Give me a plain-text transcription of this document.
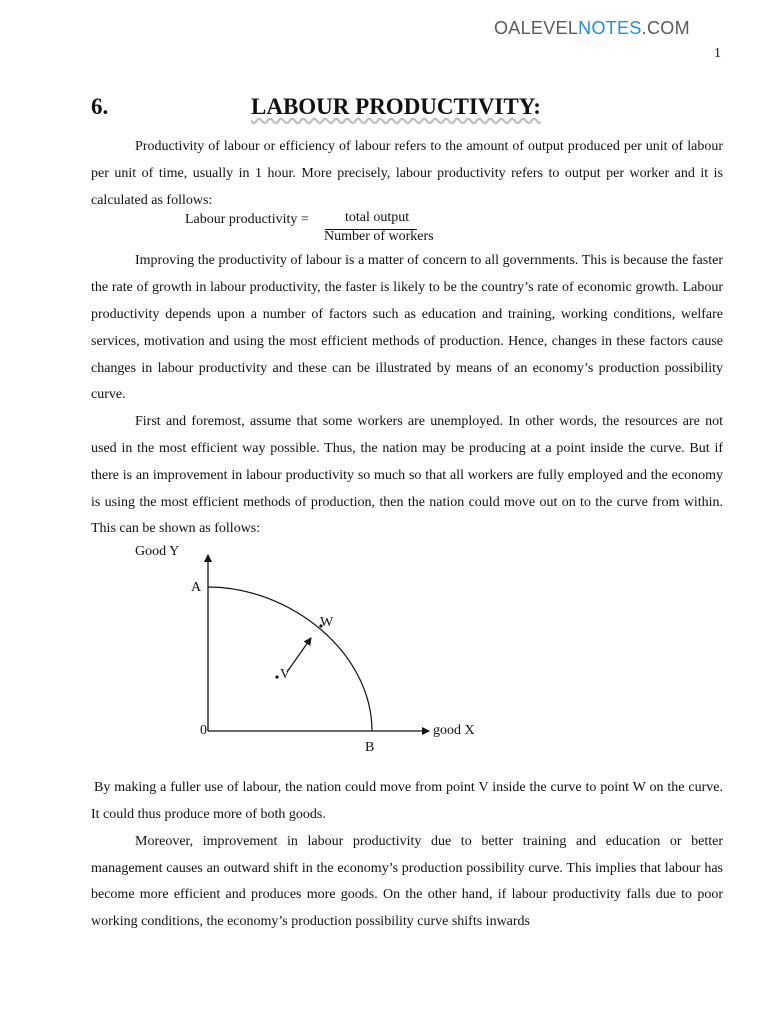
OALEVELNOTES.COM
1
6.	LABOUR PRODUCTIVITY:

Productivity of labour or efficiency of labour refers to the amount of output produced per unit of labour per unit of time, usually in 1 hour. More precisely, labour productivity refers to output per worker and it is calculated as follows:

Labour productivity =	total output
Number of workers

Improving the productivity of labour is a matter of concern to all governments. This is because the faster the rate of growth in labour productivity, the faster is likely to be the country’s rate of economic growth. Labour productivity depends upon a number of factors such as education and training, working conditions, welfare services, motivation and using the most efficient methods of production. Hence, changes in these factors cause changes in labour productivity and these can be illustrated by means of an economy’s production possibility curve.

First and foremost, assume that some workers are unemployed. In other words, the resources are not used in the most efficient way possible. Thus, the nation may be producing at a point inside the curve. But if there is an improvement in labour productivity so much so that all workers are fully employed and the economy is using the most efficient methods of production, then the nation could move out on to the curve from within. This can be shown as follows:

Good Y
A
W
V
0	good X
B

By making a fuller use of labour, the nation could move from point V inside the curve to point W on the curve. It could thus produce more of both goods.

Moreover, improvement in labour productivity due to better training and education or better management causes an outward shift in the economy’s production possibility curve. This implies that labour has become more efficient and produces more goods. On the other hand, if labour productivity falls due to poor working conditions, the economy’s production possibility curve shifts inwards
